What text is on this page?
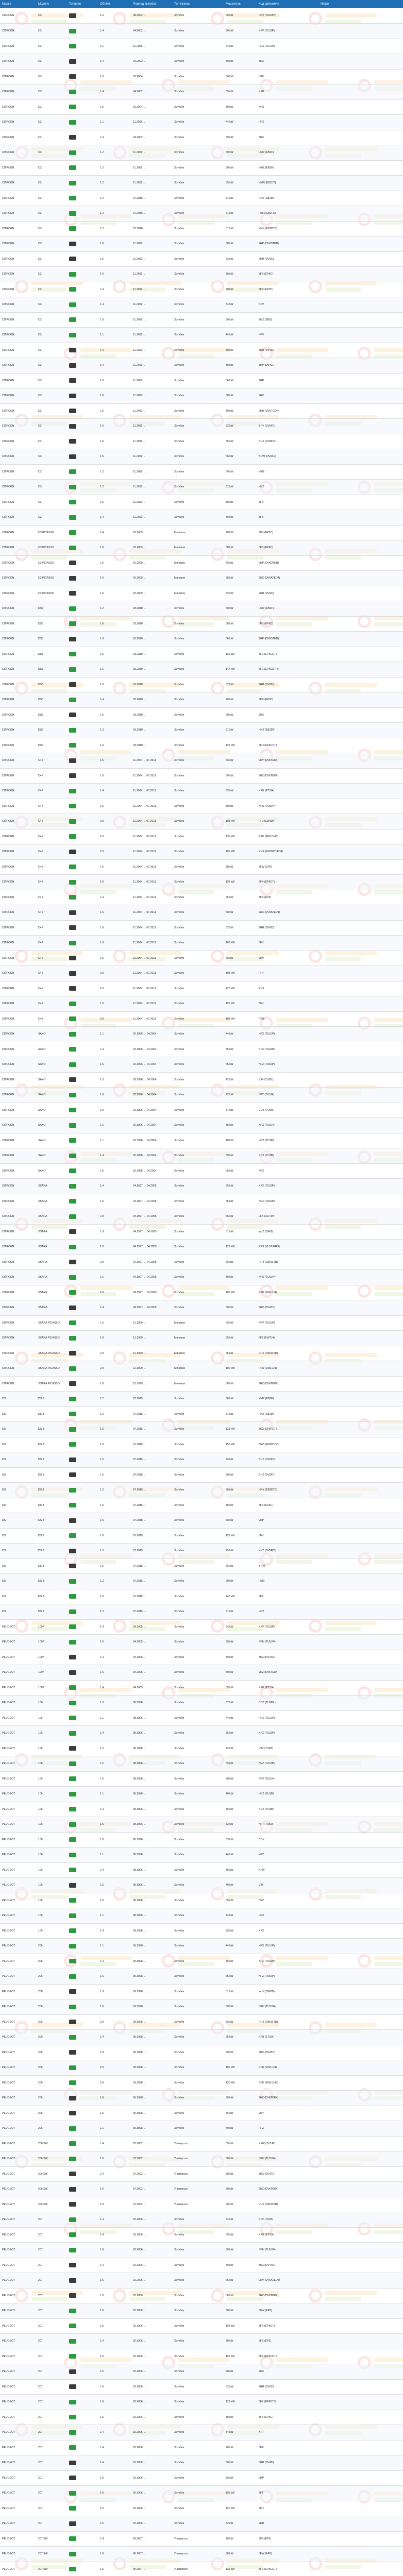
Марка	Модель	Топливо	Объём	Период выпуска	Тип кузова	Мощность	Код двигателя	Инфо
CITROEN	C3		1.6	08.2002 →	Хэтчбек	66 kW	HFV (TU5JP4)	
CITROEN	C3		1.4	04.2002 →	Хэтчбек	50 kW	KFV (TU3JP)	
CITROEN	C3		1.1	11.2005 →	Хэтчбек	44 kW	HFX (TU1JP)	
CITROEN	C3		1.4	04.2002 →	Хэтчбек	50 kW	8HX	
CITROEN	C3		1.6	02.2004 →	Хэтчбек	80 kW	NFU	
CITROEN	C3		1.4	04.2002 →	Хэтчбек	65 kW	KFU	
CITROEN	C3		1.6	02.2004 →	Хэтчбек	80 kW	NFU	
CITROEN	C3		1.1	11.2005 →	Хэтчбек	44 kW	HFX	
CITROEN	C3		1.4	04.2002 →	Хэтчбек	50 kW	8HX	
CITROEN	C3		1.2	11.2009 →	Хэтчбек	60 kW	HMZ (EB2F)	
CITROEN	C3		1.2	11.2009 →	Хэтчбек	60 kW	HMZ (EB2F)	
CITROEN	C3		1.2	11.2009 →	Хэтчбек	55 kW	HMR (EB2DT)	
CITROEN	C3		1.2	07.2016 →	Хэтчбек	81 kW	HNZ (EB2DT)	
CITROEN	C3		1.2	07.2016 →	Хэтчбек	61 kW	HMR (EB2FA)	
CITROEN	C3		1.2	07.2016 →	Хэтчбек	81 kW	HNY (EB2DTS)	
CITROEN	C3		1.6	11.2009 →	Хэтчбек	68 kW	9HP (DV6DTED)	
CITROEN	C3		1.6	11.2009 →	Хэтчбек	73 kW	9HR (DV6C)	
CITROEN	C3		1.6	11.2009 →	Хэтчбек	88 kW	5FS (EP6C)	
CITROEN	C3		1.4	11.2009 →	Хэтчбек	70 kW	8FR (EP3C)	
CITROEN	C3		1.4	11.2009 →	Хэтчбек	54 kW	KFV	
CITROEN	C3		1.0	11.2009 →	Хэтчбек	50 kW	ZMZ (EB0)	
CITROEN	C3		1.1	11.2009 →	Хэтчбек	44 kW	HFV	
CITROEN	C3		1.4	11.2009 →	Хэтчбек	50 kW	8HR (DV4C)	
CITROEN	C3		1.4	11.2009 →	Хэтчбек	50 kW	8HP (DV4C)	
CITROEN	C3		1.6	11.2009 →	Хэтчбек	66 kW	9HP	
CITROEN	C3		1.6	11.2009 →	Хэтчбек	68 kW	9HX	
CITROEN	C3		1.6	11.2009 →	Хэтчбек	70 kW	9HD (DV6TED4)	
CITROEN	C3		1.6	11.2009 →	Хэтчбек	82 kW	BHY (DV6FC)	
CITROEN	C3		1.6	11.2009 →	Хэтчбек	55 kW	BHX (DV6FD)	
CITROEN	C3		1.6	11.2009 →	Хэтчбек	66 kW	BHW (DV6FE)	
CITROEN	C3		1.2	11.2009 →	Хэтчбек	60 kW	HMZ	
CITROEN	C3		1.2	11.2009 →	Хэтчбек	81 kW	HNZ	
CITROEN	C3		1.6	11.2009 →	Хэтчбек	88 kW	5FS	
CITROEN	C3		1.4	11.2009 →	Хэтчбек	70 kW	8FS	
CITROEN	C3 PICASSO		1.4	02.2009 →	Минивэн	70 kW	8FS (EP3C)	
CITROEN	C3 PICASSO		1.6	02.2009 →	Минивэн	88 kW	5FS (EP6C)	
CITROEN	C3 PICASSO		1.6	02.2009 →	Минивэн	66 kW	9HP (DV6DTED)	
CITROEN	C3 PICASSO		1.6	02.2009 →	Минивэн	68 kW	9HX (DV6ATED4)	
CITROEN	C3 PICASSO		1.6	02.2009 →	Минивэн	82 kW	9HR (DV6C)	
CITROEN	DS3		1.2	03.2010 →	Хэтчбек	60 kW	HMZ (EB2F)	
CITROEN	DS3		1.6	03.2010 →	Хэтчбек	88 kW	5FS (EP6C)	
CITROEN	DS3		1.6	03.2010 →	Хэтчбек	66 kW	9HP (DV6DTED)	
CITROEN	DS3		1.6	03.2010 →	Хэтчбек	115 kW	5FV (EP6CDT)	
CITROEN	DS3		1.6	03.2010 →	Хэтчбек	147 kW	5FE (EP6CDTR)	
CITROEN	DS3		1.6	03.2010 →	Хэтчбек	82 kW	9HR (DV6C)	
CITROEN	DS3		1.4	03.2010 →	Хэтчбек	70 kW	8FR (EP3C)	
CITROEN	DS3		1.6	03.2010 →	Хэтчбек	68 kW	9HX	
CITROEN	DS3		1.2	03.2010 →	Хэтчбек	81 kW	HNZ (EB2DT)	
CITROEN	DS3		1.6	03.2010 →	Хэтчбек	121 kW	5FU (EP6CDT)	
CITROEN	C4 I		1.6	11.2004 → 07.2011	Хэтчбек	66 kW	9HY (DV6TED4)	
CITROEN	C4 I		1.6	11.2004 → 07.2011	Хэтчбек	80 kW	9HZ (DV6TED4)	
CITROEN	C4 I		1.4	11.2004 → 07.2011	Хэтчбек	65 kW	KFU (ET3J4)	
CITROEN	C4 I		1.6	11.2004 → 07.2011	Хэтчбек	80 kW	NFU (TU5JP4)	
CITROEN	C4 I		2.0	11.2004 → 07.2011	Хэтчбек	103 kW	RFJ (EW10A)	
CITROEN	C4 I		2.0	11.2004 → 07.2011	Хэтчбек	130 kW	RFK (EW10J4S)	
CITROEN	C4 I		2.0	11.2004 → 07.2011	Хэтчбек	100 kW	RHR (DW10BTED4)	
CITROEN	C4 I		1.6	11.2004 → 07.2011	Хэтчбек	88 kW	5FW (EP6)	
CITROEN	C4 I		1.6	11.2004 → 07.2011	Хэтчбек	110 kW	5FX (EP6DT)	
CITROEN	C4 I		1.4	11.2004 → 07.2011	Хэтчбек	66 kW	8FS (EP3)	
CITROEN	C4 I		1.6	11.2004 → 07.2011	Хэтчбек	68 kW	9HX (DV6ATED4)	
CITROEN	C4 I		1.6	11.2004 → 07.2011	Хэтчбек	82 kW	9HR (DV6C)	
CITROEN	C4 I		1.6	11.2004 → 07.2011	Хэтчбек	103 kW	5FV	
CITROEN	C4 I		1.6	11.2004 → 07.2011	Хэтчбек	66 kW	9HV	
CITROEN	C4 I		2.0	11.2004 → 07.2011	Хэтчбек	103 kW	RHF	
CITROEN	C4 I		2.0	11.2004 → 07.2011	Хэтчбек	120 kW	RHJ	
CITROEN	C4 I		1.6	11.2004 → 07.2011	Хэтчбек	115 kW	5FV	
CITROEN	C4 I		2.0	11.2004 → 07.2011	Хэтчбек	103 kW	RFN	
CITROEN	SAXO		1.1	02.1996 → 04.2004	Хэтчбек	44 kW	HFX (TU1JP)	
CITROEN	SAXO		1.4	02.1996 → 04.2004	Хэтчбек	55 kW	KFX (TU3JP)	
CITROEN	SAXO		1.6	02.1996 → 04.2004	Хэтчбек	65 kW	NFZ (TU5JP)	
CITROEN	SAXO		1.5	02.1996 → 04.2004	Хэтчбек	42 kW	VJX (TUD5)	
CITROEN	SAXO		1.6	02.1996 → 04.2004	Хэтчбек	72 kW	NFT (TU5J4)	
CITROEN	SAXO		1.0	02.1996 → 04.2004	Хэтчбек	37 kW	CDY (TU9M)	
CITROEN	SAXO		1.6	02.1996 → 04.2004	Хэтчбек	88 kW	NFX (TU5J4)	
CITROEN	SAXO		1.1	02.1996 → 04.2004	Хэтчбек	40 kW	HDZ (TU1M)	
CITROEN	SAXO		1.4	02.1996 → 04.2004	Хэтчбек	55 kW	KDX (TU3M)	
CITROEN	SAXO		1.6	02.1996 → 04.2004	Хэтчбек	65 kW	NFZ	
CITROEN	XSARA		1.4	04.1997 → 04.2005	Хэтчбек	55 kW	KFX (TU3JP)	
CITROEN	XSARA		1.6	04.1997 → 04.2005	Хэтчбек	65 kW	NFZ (TU5JP)	
CITROEN	XSARA		1.8	04.1997 → 04.2005	Хэтчбек	66 kW	LFX (XU7JP)	
CITROEN	XSARA		1.9	04.1997 → 04.2005	Хэтчбек	51 kW	WJZ (DW8)	
CITROEN	XSARA		2.0	04.1997 → 04.2005	Хэтчбек	121 kW	RFS (XU10J4RS)	
CITROEN	XSARA		2.0	04.1997 → 04.2005	Хэтчбек	66 kW	RHY (DW10TD)	
CITROEN	XSARA		1.6	04.1997 → 04.2005	Хэтчбек	80 kW	NFU (TU5JP4)	
CITROEN	XSARA		2.0	04.1997 → 04.2005	Хэтчбек	100 kW	RFN (EW10J4)	
CITROEN	XSARA		1.4	04.1997 → 04.2005	Хэтчбек	50 kW	8HX (DV4TD)	
CITROEN	XSARA PICASSO		1.6	12.1999 →	Минивэн	65 kW	NFV (TU5JP)	
CITROEN	XSARA PICASSO		1.8	12.1999 →	Минивэн	85 kW	6FZ (EW7J4)	
CITROEN	XSARA PICASSO		2.0	12.1999 →	Минивэн	66 kW	RHY (DW10TD)	
CITROEN	XSARA PICASSO		2.0	12.1999 →	Минивэн	100 kW	RFN (EW10J4)	
CITROEN	XSARA PICASSO		1.6	12.1999 →	Минивэн	80 kW	9HZ (DV6TED4)	
DS	DS 3		1.2	07.2015 →	Хэтчбек	60 kW	HMZ (EB2F)	
DS	DS 3		1.2	07.2015 →	Хэтчбек	81 kW	HNZ (EB2DT)	
DS	DS 3		1.6	07.2015 →	Хэтчбек	121 kW	5GZ (EP6FDT)	
DS	DS 3		1.6	07.2015 →	Хэтчбек	153 kW	5GZ (EP6FDTR)	
DS	DS 3		1.6	07.2015 →	Хэтчбек	73 kW	BHY (DV6FD)	
DS	DS 3		1.6	07.2015 →	Хэтчбек	88 kW	BHZ (DV6FC)	
DS	DS 3		1.2	07.2015 →	Хэтчбек	96 kW	HNY (EB2DTS)	
DS	DS 3		1.6	07.2015 →	Хэтчбек	88 kW	5FS (EP6C)	
DS	DS 3		1.6	07.2015 →	Хэтчбек	68 kW	9HP	
DS	DS 3		1.6	07.2015 →	Хэтчбек	115 kW	5FV	
DS	DS 3		1.5	07.2015 →	Хэтчбек	75 kW	YHZ (DV5RC)	
DS	DS 3		1.6	07.2015 →	Хэтчбек	66 kW	BHW	
DS	DS 3		1.2	07.2015 →	Хэтчбек	60 kW	HMZ	
DS	DS 3		1.6	07.2015 →	Хэтчбек	147 kW	5FE	
DS	DS 3		1.2	07.2015 →	Хэтчбек	81 kW	HNZ	
PEUGEOT	1007		1.4	04.2005 →	Хэтчбек	54 kW	KFV (TU3JP)	
PEUGEOT	1007		1.6	04.2005 →	Хэтчбек	80 kW	NFU (TU5JP4)	
PEUGEOT	1007		1.4	04.2005 →	Хэтчбек	50 kW	8HZ (DV4TD)	
PEUGEOT	1007		1.6	04.2005 →	Хэтчбек	80 kW	9HZ (DV6TED4)	
PEUGEOT	1007		1.4	04.2005 →	Хэтчбек	65 kW	KFU (ET3J4)	
PEUGEOT	106		1.0	08.1996 →	Хэтчбек	37 kW	CDZ (TU9ML)	
PEUGEOT	106		1.1	08.1996 →	Хэтчбек	44 kW	HFX (TU1JP)	
PEUGEOT	106		1.4	08.1996 →	Хэтчбек	55 kW	KFX (TU3JP)	
PEUGEOT	106		1.5	08.1996 →	Хэтчбек	42 kW	VJX (TUD5)	
PEUGEOT	106		1.6	08.1996 →	Хэтчбек	65 kW	NFZ (TU5JP)	
PEUGEOT	106		1.6	08.1996 →	Хэтчбек	88 kW	NFX (TU5J4)	
PEUGEOT	106		1.1	08.1996 →	Хэтчбек	40 kW	HDZ (TU1M)	
PEUGEOT	106		1.4	08.1996 →	Хэтчбек	55 kW	KDX (TU3M)	
PEUGEOT	106		1.6	08.1996 →	Хэтчбек	72 kW	NFT (TU5J4)	
PEUGEOT	106		1.0	08.1996 →	Хэтчбек	33 kW	CDY	
PEUGEOT	106		1.1	08.1996 →	Хэтчбек	44 kW	HFZ	
PEUGEOT	106		1.4	08.1996 →	Хэтчбек	55 kW	KFW	
PEUGEOT	106		1.5	08.1996 →	Хэтчбек	40 kW	VJY	
PEUGEOT	106		1.6	08.1996 →	Хэтчбек	65 kW	NFZ	
PEUGEOT	106		1.1	08.1996 →	Хэтчбек	44 kW	HFX	
PEUGEOT	106		1.4	08.1996 →	Хэтчбек	55 kW	KFX	
PEUGEOT	206		1.1	09.1998 →	Хэтчбек	44 kW	HFX (TU1JP)	
PEUGEOT	206		1.4	09.1998 →	Хэтчбек	55 kW	KFX (TU3JP)	
PEUGEOT	206		1.6	09.1998 →	Хэтчбек	65 kW	NFZ (TU5JP)	
PEUGEOT	206		1.9	09.1998 →	Хэтчбек	51 kW	WJY (DW8B)	
PEUGEOT	206		1.6	09.1998 →	Хэтчбек	80 kW	NFU (TU5JP4)	
PEUGEOT	206		2.0	09.1998 →	Хэтчбек	66 kW	RHY (DW10TD)	
PEUGEOT	206		1.4	09.1998 →	Хэтчбек	65 kW	KFU (ET3J4)	
PEUGEOT	206		1.4	09.1998 →	Хэтчбек	50 kW	8HX (DV4TD)	
PEUGEOT	206		2.0	09.1998 →	Хэтчбек	100 kW	RFN (EW10J4)	
PEUGEOT	206		2.0	09.1998 →	Хэтчбек	130 kW	RFK (EW10J4S)	
PEUGEOT	206		1.6	09.1998 →	Хэтчбек	80 kW	9HZ (DV6TED4)	
PEUGEOT	206		1.6	09.1998 →	Хэтчбек	66 kW	9HY	
PEUGEOT	206		1.1	09.1998 →	Хэтчбек	40 kW	HFZ	
PEUGEOT	206 SW		1.4	07.2002 →	Универсал	55 kW	KFW (TU3JP)	
PEUGEOT	206 SW		1.6	07.2002 →	Универсал	80 kW	NFU (TU5JP4)	
PEUGEOT	206 SW		1.4	07.2002 →	Универсал	50 kW	8HX (DV4TD)	
PEUGEOT	206 SW		1.6	07.2002 →	Универсал	80 kW	9HZ (DV6TED4)	
PEUGEOT	206 SW		2.0	07.2002 →	Универсал	66 kW	RHY (DW10TD)	
PEUGEOT	207		1.4	02.2006 →	Хэтчбек	54 kW	KFV (TU3A)	
PEUGEOT	207		1.4	02.2006 →	Хэтчбек	65 kW	KFU (ET3J4)	
PEUGEOT	207		1.6	02.2006 →	Хэтчбек	80 kW	NFU (TU5JP4)	
PEUGEOT	207		1.4	02.2006 →	Хэтчбек	50 kW	8HZ (DV4TD)	
PEUGEOT	207		1.6	02.2006 →	Хэтчбек	66 kW	9HV (DV6ATED4)	
PEUGEOT	207		1.6	02.2006 →	Хэтчбек	80 kW	9HZ (DV6TED4)	
PEUGEOT	207		1.6	02.2006 →	Хэтчбек	88 kW	5FW (EP6)	
PEUGEOT	207		1.6	02.2006 →	Хэтчбек	110 kW	5FX (EP6DT)	
PEUGEOT	207		1.4	02.2006 →	Хэтчбек	70 kW	8FS (EP3)	
PEUGEOT	207		1.6	02.2006 →	Хэтчбек	115 kW	5FV (EP6CDT)	
PEUGEOT	207		1.6	02.2006 →	Хэтчбек	68 kW	9HX	
PEUGEOT	207		1.6	02.2006 →	Хэтчбек	82 kW	9HR (DV6C)	
PEUGEOT	207		1.6	02.2006 →	Хэтчбек	128 kW	5FY (EP6DTS)	
PEUGEOT	207		1.6	02.2006 →	Хэтчбек	88 kW	5FS (EP6C)	
PEUGEOT	207		1.4	02.2006 →	Хэтчбек	54 kW	KFT	
PEUGEOT	207		1.4	02.2006 →	Хэтчбек	70 kW	8FR	
PEUGEOT	207		1.4	02.2006 →	Хэтчбек	50 kW	8HR (DV4C)	
PEUGEOT	207		1.6	02.2006 →	Хэтчбек	66 kW	9HP	
PEUGEOT	207		1.6	02.2006 →	Хэтчбек	110 kW	5FT	
PEUGEOT	207		1.6	02.2006 →	Хэтчбек	120 kW	5FU	
PEUGEOT	207		1.6	02.2006 →	Хэтчбек	82 kW	9HD	
PEUGEOT	207 SW		1.4	06.2007 →	Универсал	70 kW	8FS (EP3)	
PEUGEOT	207 SW		1.6	06.2007 →	Универсал	88 kW	5FW (EP6)	
PEUGEOT	207 SW		1.6	06.2007 →	Универсал	115 kW	5FV (EP6CDT)	
